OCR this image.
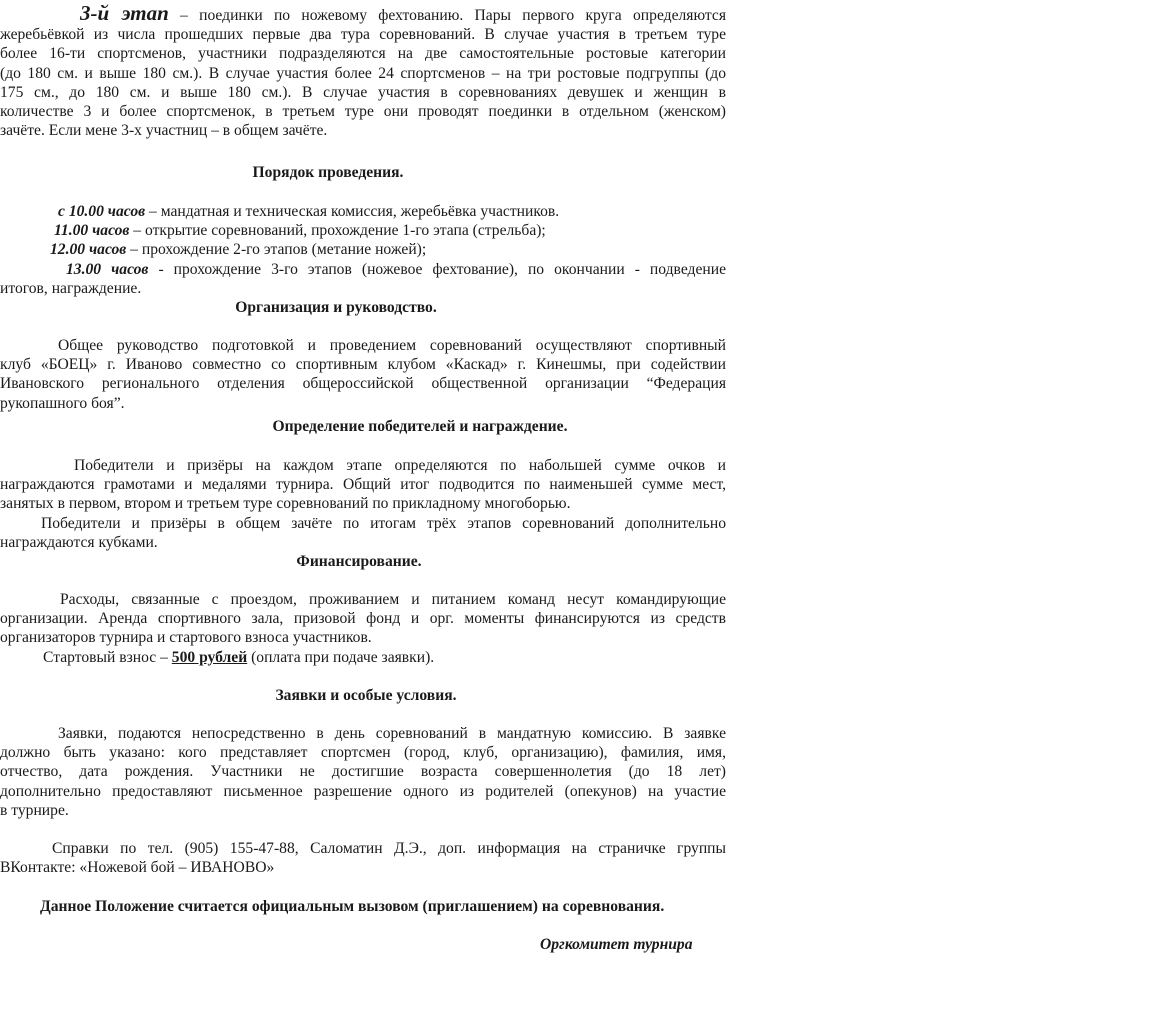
3-й этап – поединки по ножевому фехтованию. Пары первого круга определяются
жеребьёвкой из числа прошедших первые два тура соревнований. В случае участия в третьем туре
более 16-ти спортсменов, участники подразделяются на две самостоятельные ростовые категории
(до 180 см. и выше 180 см.). В случае участия более 24 спортсменов – на три ростовые подгруппы (до
175 см., до 180 см. и выше 180 см.). В случае участия в соревнованиях девушек и женщин в
количестве 3 и более спортсменок, в третьем туре они проводят поединки в отдельном (женском)
зачёте. Если мене 3-х участниц – в общем зачёте.
Порядок проведения.
с 10.00 часов – мандатная и техническая комиссия, жеребьёвка участников.
11.00 часов – открытие соревнований, прохождение 1-го этапа (стрельба);
12.00 часов – прохождение 2-го этапов (метание ножей);
13.00 часов - прохождение 3-го этапов (ножевое фехтование), по окончании - подведение
итогов, награждение.
Организация и руководство.
Общее руководство подготовкой и проведением соревнований осуществляют спортивный
клуб «БОЕЦ» г. Иваново совместно со спортивным клубом «Каскад» г. Кинешмы, при содействии
Ивановского регионального отделения общероссийской общественной организации “Федерация
рукопашного боя”.
Определение победителей и награждение.
Победители и призёры на каждом этапе определяются по набольшей сумме очков и
награждаются грамотами и медалями турнира. Общий итог подводится по наименьшей сумме мест,
занятых в первом, втором и третьем туре соревнований по прикладному многоборью.
Победители и призёры в общем зачёте по итогам трёх этапов соревнований дополнительно
награждаются кубками.
Финансирование.
Расходы, связанные с проездом, проживанием и питанием команд несут командирующие
организации. Аренда спортивного зала, призовой фонд и орг. моменты финансируются из средств
организаторов турнира и стартового взноса участников.
Стартовый взнос – 500 рублей (оплата при подаче заявки).
Заявки и особые условия.
Заявки, подаются непосредственно в день соревнований в мандатную комиссию. В заявке
должно быть указано: кого представляет спортсмен (город, клуб, организацию), фамилия, имя,
отчество, дата рождения. Участники не достигшие возраста совершеннолетия (до 18 лет)
дополнительно предоставляют письменное разрешение одного из родителей (опекунов) на участие
в турнире.
Справки по тел. (905) 155-47-88, Саломатин Д.Э., доп. информация на страничке группы
ВКонтакте: «Ножевой бой – ИВАНОВО»
Данное Положение считается официальным вызовом (приглашением) на соревнования.
Оргкомитет турнира
